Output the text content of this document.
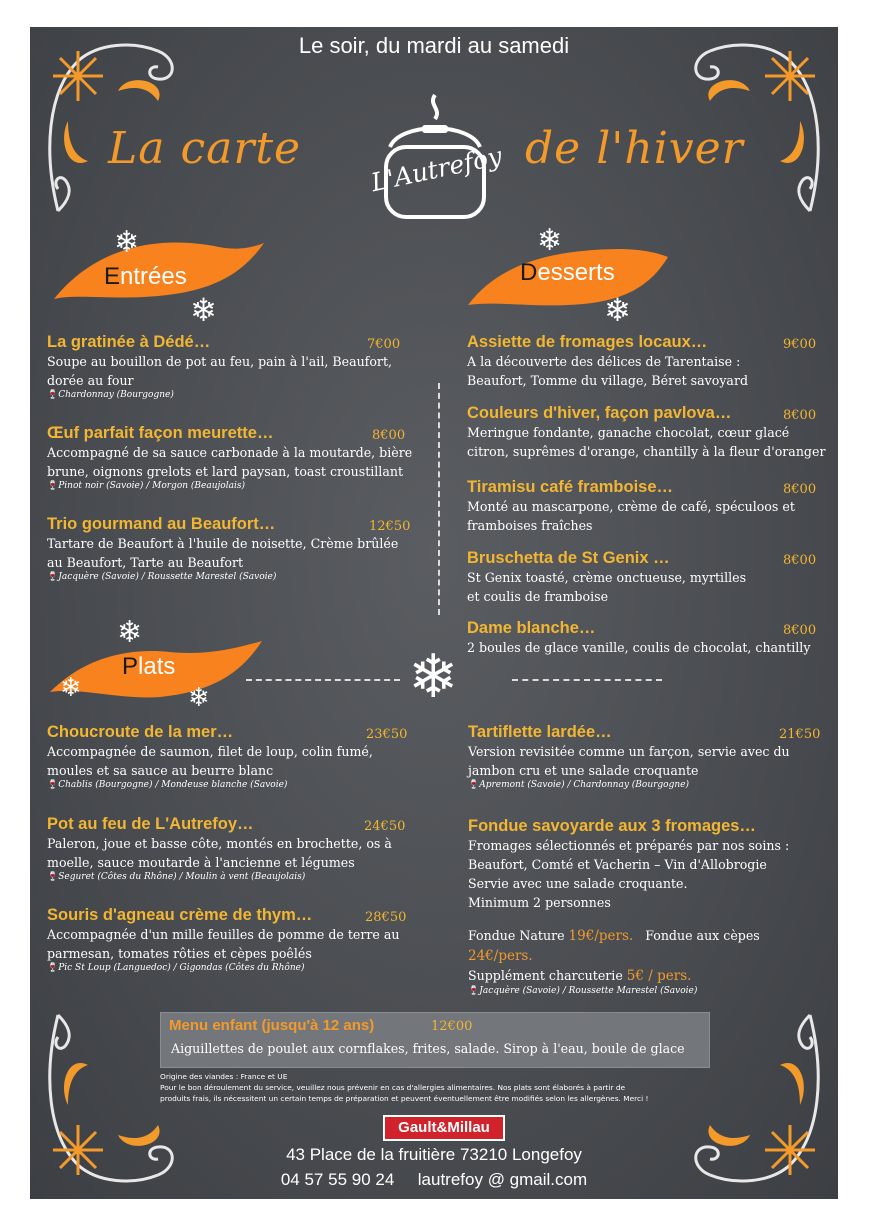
Le soir, du mardi au samedi
La carte	de l'hiver
L'Autrefoy
Entrées
❄
❄
Desserts
❄
❄
La gratinée à Dédé…	7€00
Soupe au bouillon de pot au feu, pain à l'ail, Beaufort,
dorée au four
🍷Chardonnay (Bourgogne)
Œuf parfait façon meurette…	8€00
Accompagné de sa sauce carbonade à la moutarde, bière
brune, oignons grelots et lard paysan, toast croustillant
🍷Pinot noir (Savoie) / Morgon (Beaujolais)
Trio gourmand au Beaufort…	12€50
Tartare de Beaufort à l'huile de noisette, Crème brûlée
au Beaufort, Tarte au Beaufort
🍷Jacquère (Savoie) / Roussette Marestel (Savoie)
Assiette de fromages locaux…	9€00
A la découverte des délices de Tarentaise :
Beaufort, Tomme du village, Béret savoyard
Couleurs d'hiver, façon pavlova…	8€00
Meringue fondante, ganache chocolat, cœur glacé
citron, suprêmes d'orange, chantilly à la fleur d'oranger
Tiramisu café framboise…	8€00
Monté au mascarpone, crème de café, spéculoos et
framboises fraîches
Bruschetta de St Genix …	8€00
St Genix toasté, crème onctueuse, myrtilles
et coulis de framboise
Dame blanche…	8€00
2 boules de glace vanille, coulis de chocolat, chantilly
Plats
❄
❄	❄	❄
Choucroute de la mer…	23€50
Accompagnée de saumon, filet de loup, colin fumé,
moules et sa sauce au beurre blanc
🍷Chablis (Bourgogne) / Mondeuse blanche (Savoie)
Pot au feu de L'Autrefoy…	24€50
Paleron, joue et basse côte, montés en brochette, os à
moelle, sauce moutarde à l'ancienne et légumes
🍷Seguret (Côtes du Rhône) / Moulin à vent (Beaujolais)
Souris d'agneau crème de thym…	28€50
Accompagnée d'un mille feuilles de pomme de terre au
parmesan, tomates rôties et cèpes poêlés
🍷Pic St Loup (Languedoc) / Gigondas (Côtes du Rhône)
Tartiflette lardée…	21€50
Version revisitée comme un farçon, servie avec du
jambon cru et une salade croquante
🍷Apremont (Savoie) / Chardonnay (Bourgogne)
Fondue savoyarde aux 3 fromages…
Fromages sélectionnés et préparés par nos soins :
Beaufort, Comté et Vacherin – Vin d'Allobrogie
Servie avec une salade croquante.
Minimum 2 personnes
Fondue Nature 19€/pers. Fondue aux cèpes 24€/pers.
Supplément charcuterie 5€ / pers.
🍷Jacquère (Savoie) / Roussette Marestel (Savoie)
Menu enfant (jusqu'à 12 ans)	12€00
Aiguillettes de poulet aux cornflakes, frites, salade. Sirop à l'eau, boule de glace
Origine des viandes : France et UE
Pour le bon déroulement du service, veuillez nous prévenir en cas d'allergies alimentaires. Nos plats sont élaborés à partir de
produits frais, ils nécessitent un certain temps de préparation et peuvent éventuellement être modifiés selon les allergènes. Merci !
Gault&Millau
43 Place de la fruitière 73210 Longefoy
04 57 55 90 24 lautrefoy @ gmail.com
